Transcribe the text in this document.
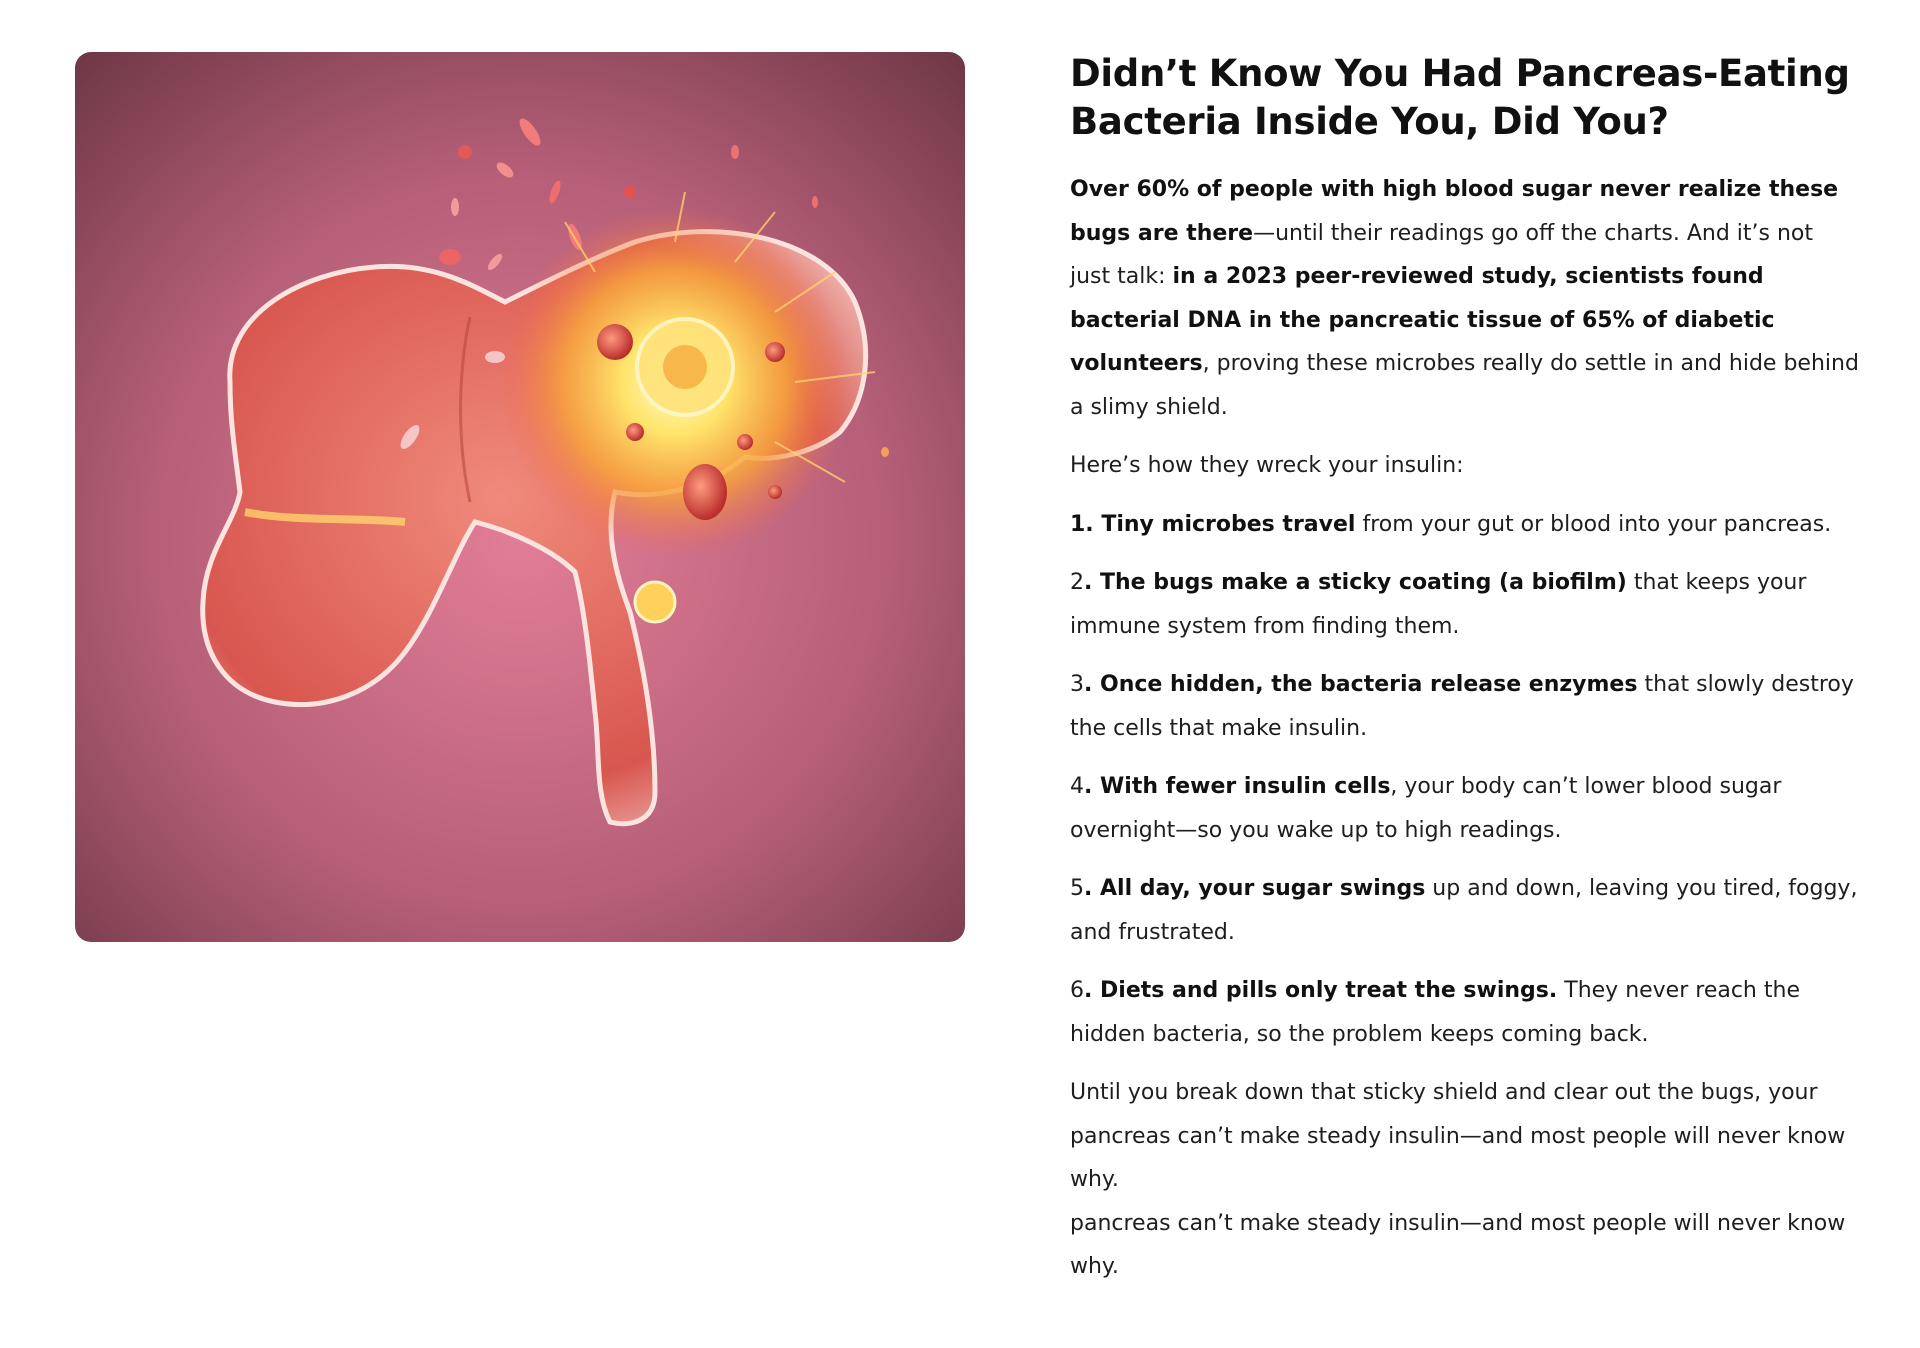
Didn’t Know You Had Pancreas-Eating Bacteria Inside You, Did You?

Over 60% of people with high blood sugar never realize these bugs are there—until their readings go off the charts. And it’s not just talk: in a 2023 peer-reviewed study, scientists found bacterial DNA in the pancreatic tissue of 65% of diabetic volunteers, proving these microbes really do settle in and hide behind a slimy shield.

Here’s how they wreck your insulin:

1. Tiny microbes travel from your gut or blood into your pancreas.

2. The bugs make a sticky coating (a biofilm) that keeps your immune system from finding them.

3. Once hidden, the bacteria release enzymes that slowly destroy the cells that make insulin.

4. With fewer insulin cells, your body can’t lower blood sugar overnight—so you wake up to high readings.

5. All day, your sugar swings up and down, leaving you tired, foggy, and frustrated.

6. Diets and pills only treat the swings. They never reach the hidden bacteria, so the problem keeps coming back.

Until you break down that sticky shield and clear out the bugs, your pancreas can’t make steady insulin—and most people will never know why.

pancreas can’t make steady insulin—and most people will never know why.
